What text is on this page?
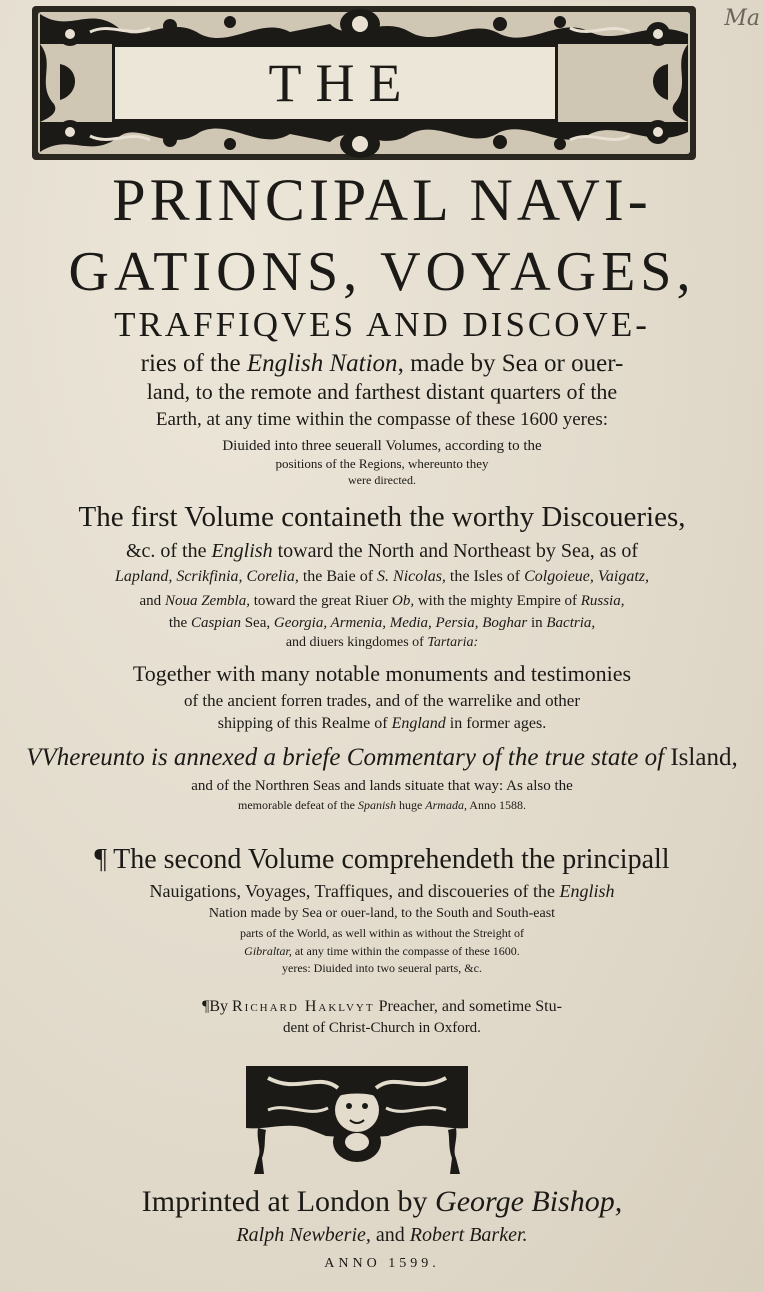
Ma
THE
PRINCIPAL NAVI-
GATIONS, VOYAGES,
TRAFFIQVES AND DISCOVE-
ries of the English Nation, made by Sea or ouer-
land, to the remote and farthest distant quarters of the
Earth, at any time within the compasse of these 1600 yeres:
Diuided into three seuerall Volumes, according to the
positions of the Regions, whereunto they
were directed.
The first Volume containeth the worthy Discoueries,
&c. of the English toward the North and Northeast by Sea, as of
Lapland, Scrikfinia, Corelia, the Baie of S. Nicolas, the Isles of Colgoieue, Vaigatz,
and Noua Zembla, toward the great Riuer Ob, with the mighty Empire of Russia,
the Caspian Sea, Georgia, Armenia, Media, Persia, Boghar in Bactria,
and diuers kingdomes of Tartaria:
Together with many notable monuments and testimonies
of the ancient forren trades, and of the warrelike and other
shipping of this Realme of England in former ages.
VVhereunto is annexed a briefe Commentary of the true state of Island,
and of the Northren Seas and lands situate that way: As also the
memorable defeat of the Spanish huge Armada, Anno 1588.
¶ The second Volume comprehendeth the principall
Nauigations, Voyages, Traffiques, and discoueries of the English
Nation made by Sea or ouer-land, to the South and South-east
parts of the World, as well within as without the Streight of
Gibraltar, at any time within the compasse of these 1600.
yeres: Diuided into two seueral parts, &c.
¶By Richard Haklvyt Preacher, and sometime Stu-
dent of Christ-Church in Oxford.
Imprinted at London by George Bishop,
Ralph Newberie, and Robert Barker.
ANNO 1599.
